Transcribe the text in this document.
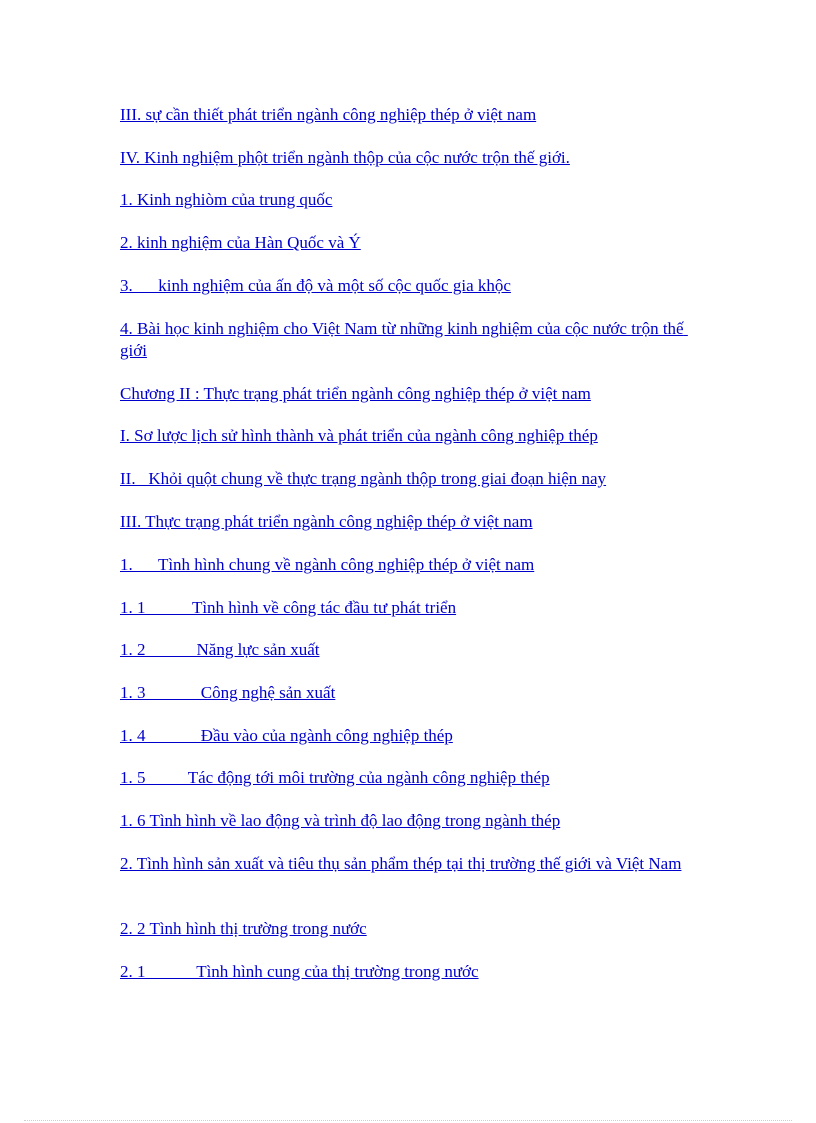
III. sự cần thiết phát triển ngành công nghiệp thép ở việt nam
IV. Kinh nghiệm phột triển ngành thộp của cộc nước trộn thế giới.
1. Kinh nghiòm của trung quốc
2. kinh nghiệm của Hàn Quốc và Ý
3.      kinh nghiệm của ấn độ và một số cộc quốc gia khộc
4. Bài học kinh nghiệm cho Việt Nam từ những kinh nghiệm của cộc nước trộn thế giới
Chương II : Thực trạng phát triển ngành công nghiệp thép ở việt nam
I. Sơ lược lịch sử hình thành và phát triển của ngành công nghiệp thép
II.   Khỏi quột chung về thực trạng ngành thộp trong giai đoạn hiện nay
III. Thực trạng phát triển ngành công nghiệp thép ở việt nam
1.      Tình hình chung về ngành công nghiệp thép ở việt nam
1. 1           Tình hình về công tác đầu tư phát triển
1. 2            Năng lực sản xuất
1. 3             Công nghệ sản xuất
1. 4             Đầu vào của ngành công nghiệp thép
1. 5          Tác động tới môi trường của ngành công nghiệp thép
1. 6 Tình hình về lao động và trình độ lao động trong ngành thép
2. Tình hình sản xuất và tiêu thụ sản phẩm thép tại thị trường thế giới và Việt Nam
2. 2 Tình hình thị trường trong nước
2. 1            Tình hình cung của thị trường trong nước
